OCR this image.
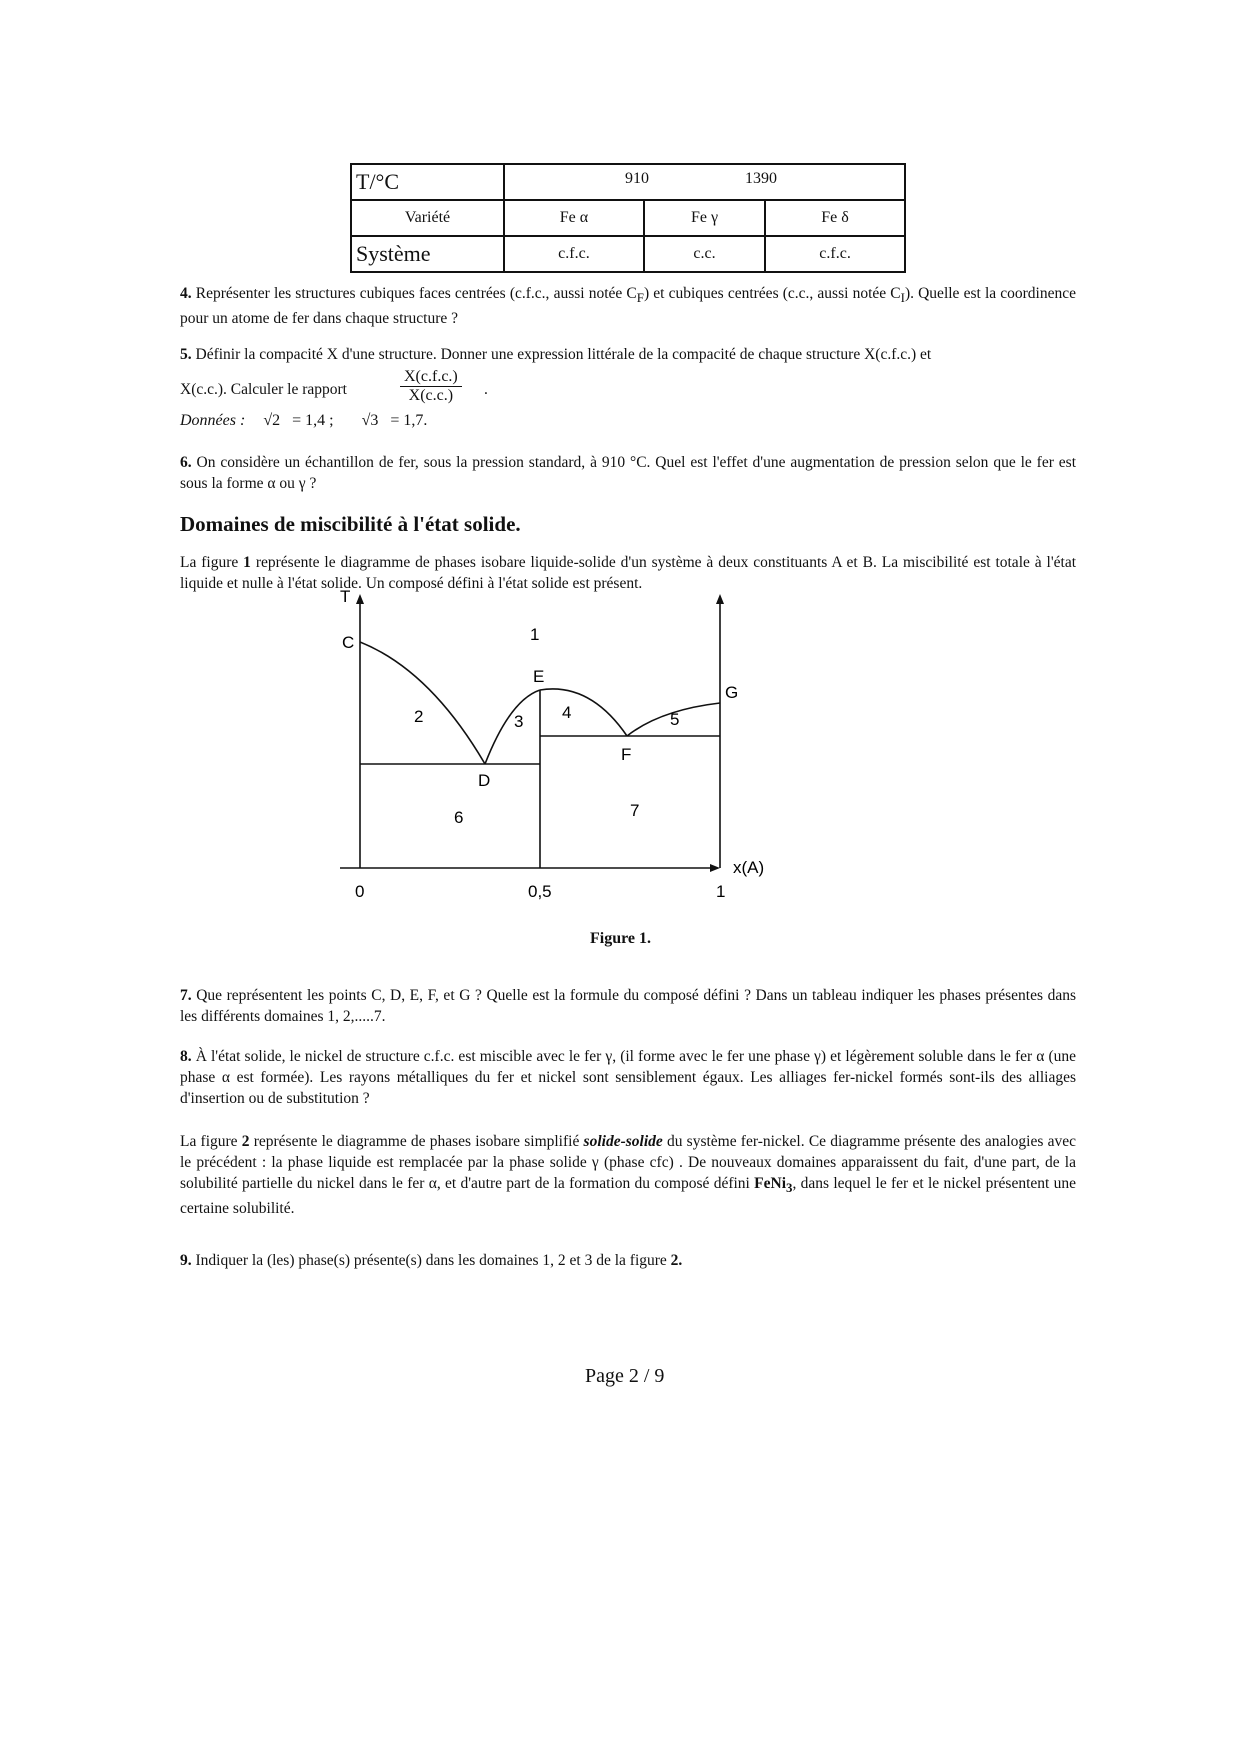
T/°C	910 1390		

Variété	Fe α	Fe γ	Fe δ
Système	c.f.c.	c.c.	c.f.c.
4. Représenter les structures cubiques faces centrées (c.f.c., aussi notée $C_F$) et cubiques centrées (c.c., aussi notée $C_I$). Quelle est la coordinence pour un atome de fer dans chaque structure ?
5. Définir la compacité X d'une structure. Donner une expression littérale de la compacité de chaque structure X(c.f.c.) et
X(c.c.). Calculer le rapport	$\frac{X(c.f.c.)}{X(c.c.)}$ .
Données : √2 = 1,4 ; √3 = 1,7.
6. On considère un échantillon de fer, sous la pression standard, à 910 °C. Quel est l'effet d'une augmentation de pression selon que le fer est sous la forme α ou γ ?
Domaines de miscibilité à l'état solide.
La figure 1 représente le diagramme de phases isobare liquide-solide d'un système à deux constituants A et B. La miscibilité est totale à l'état liquide et nulle à l'état solide. Un composé défini à l'état solide est présent.
T
x(A)
0	0,5	1
C
D
E
F
G
1
2	3 4	5
6	7
Figure 1.
7. Que représentent les points C, D, E, F, et G ? Quelle est la formule du composé défini ? Dans un tableau indiquer les phases présentes dans les différents domaines 1, 2,.....7.
8. À l'état solide, le nickel de structure c.f.c. est miscible avec le fer γ, (il forme avec le fer une phase γ) et légèrement soluble dans le fer α (une phase α est formée). Les rayons métalliques du fer et nickel sont sensiblement égaux. Les alliages fer-nickel formés sont-ils des alliages d'insertion ou de substitution ?
La figure 2 représente le diagramme de phases isobare simplifié solide-solide du système fer-nickel. Ce diagramme présente des analogies avec le précédent : la phase liquide est remplacée par la phase solide γ (phase cfc) . De nouveaux domaines apparaissent du fait, d'une part, de la solubilité partielle du nickel dans le fer α, et d'autre part de la formation du composé défini FeNi$_3$, dans lequel le fer et le nickel présentent une certaine solubilité.
9. Indiquer la (les) phase(s) présente(s) dans les domaines 1, 2 et 3 de la figure 2.
Page 2 / 9
